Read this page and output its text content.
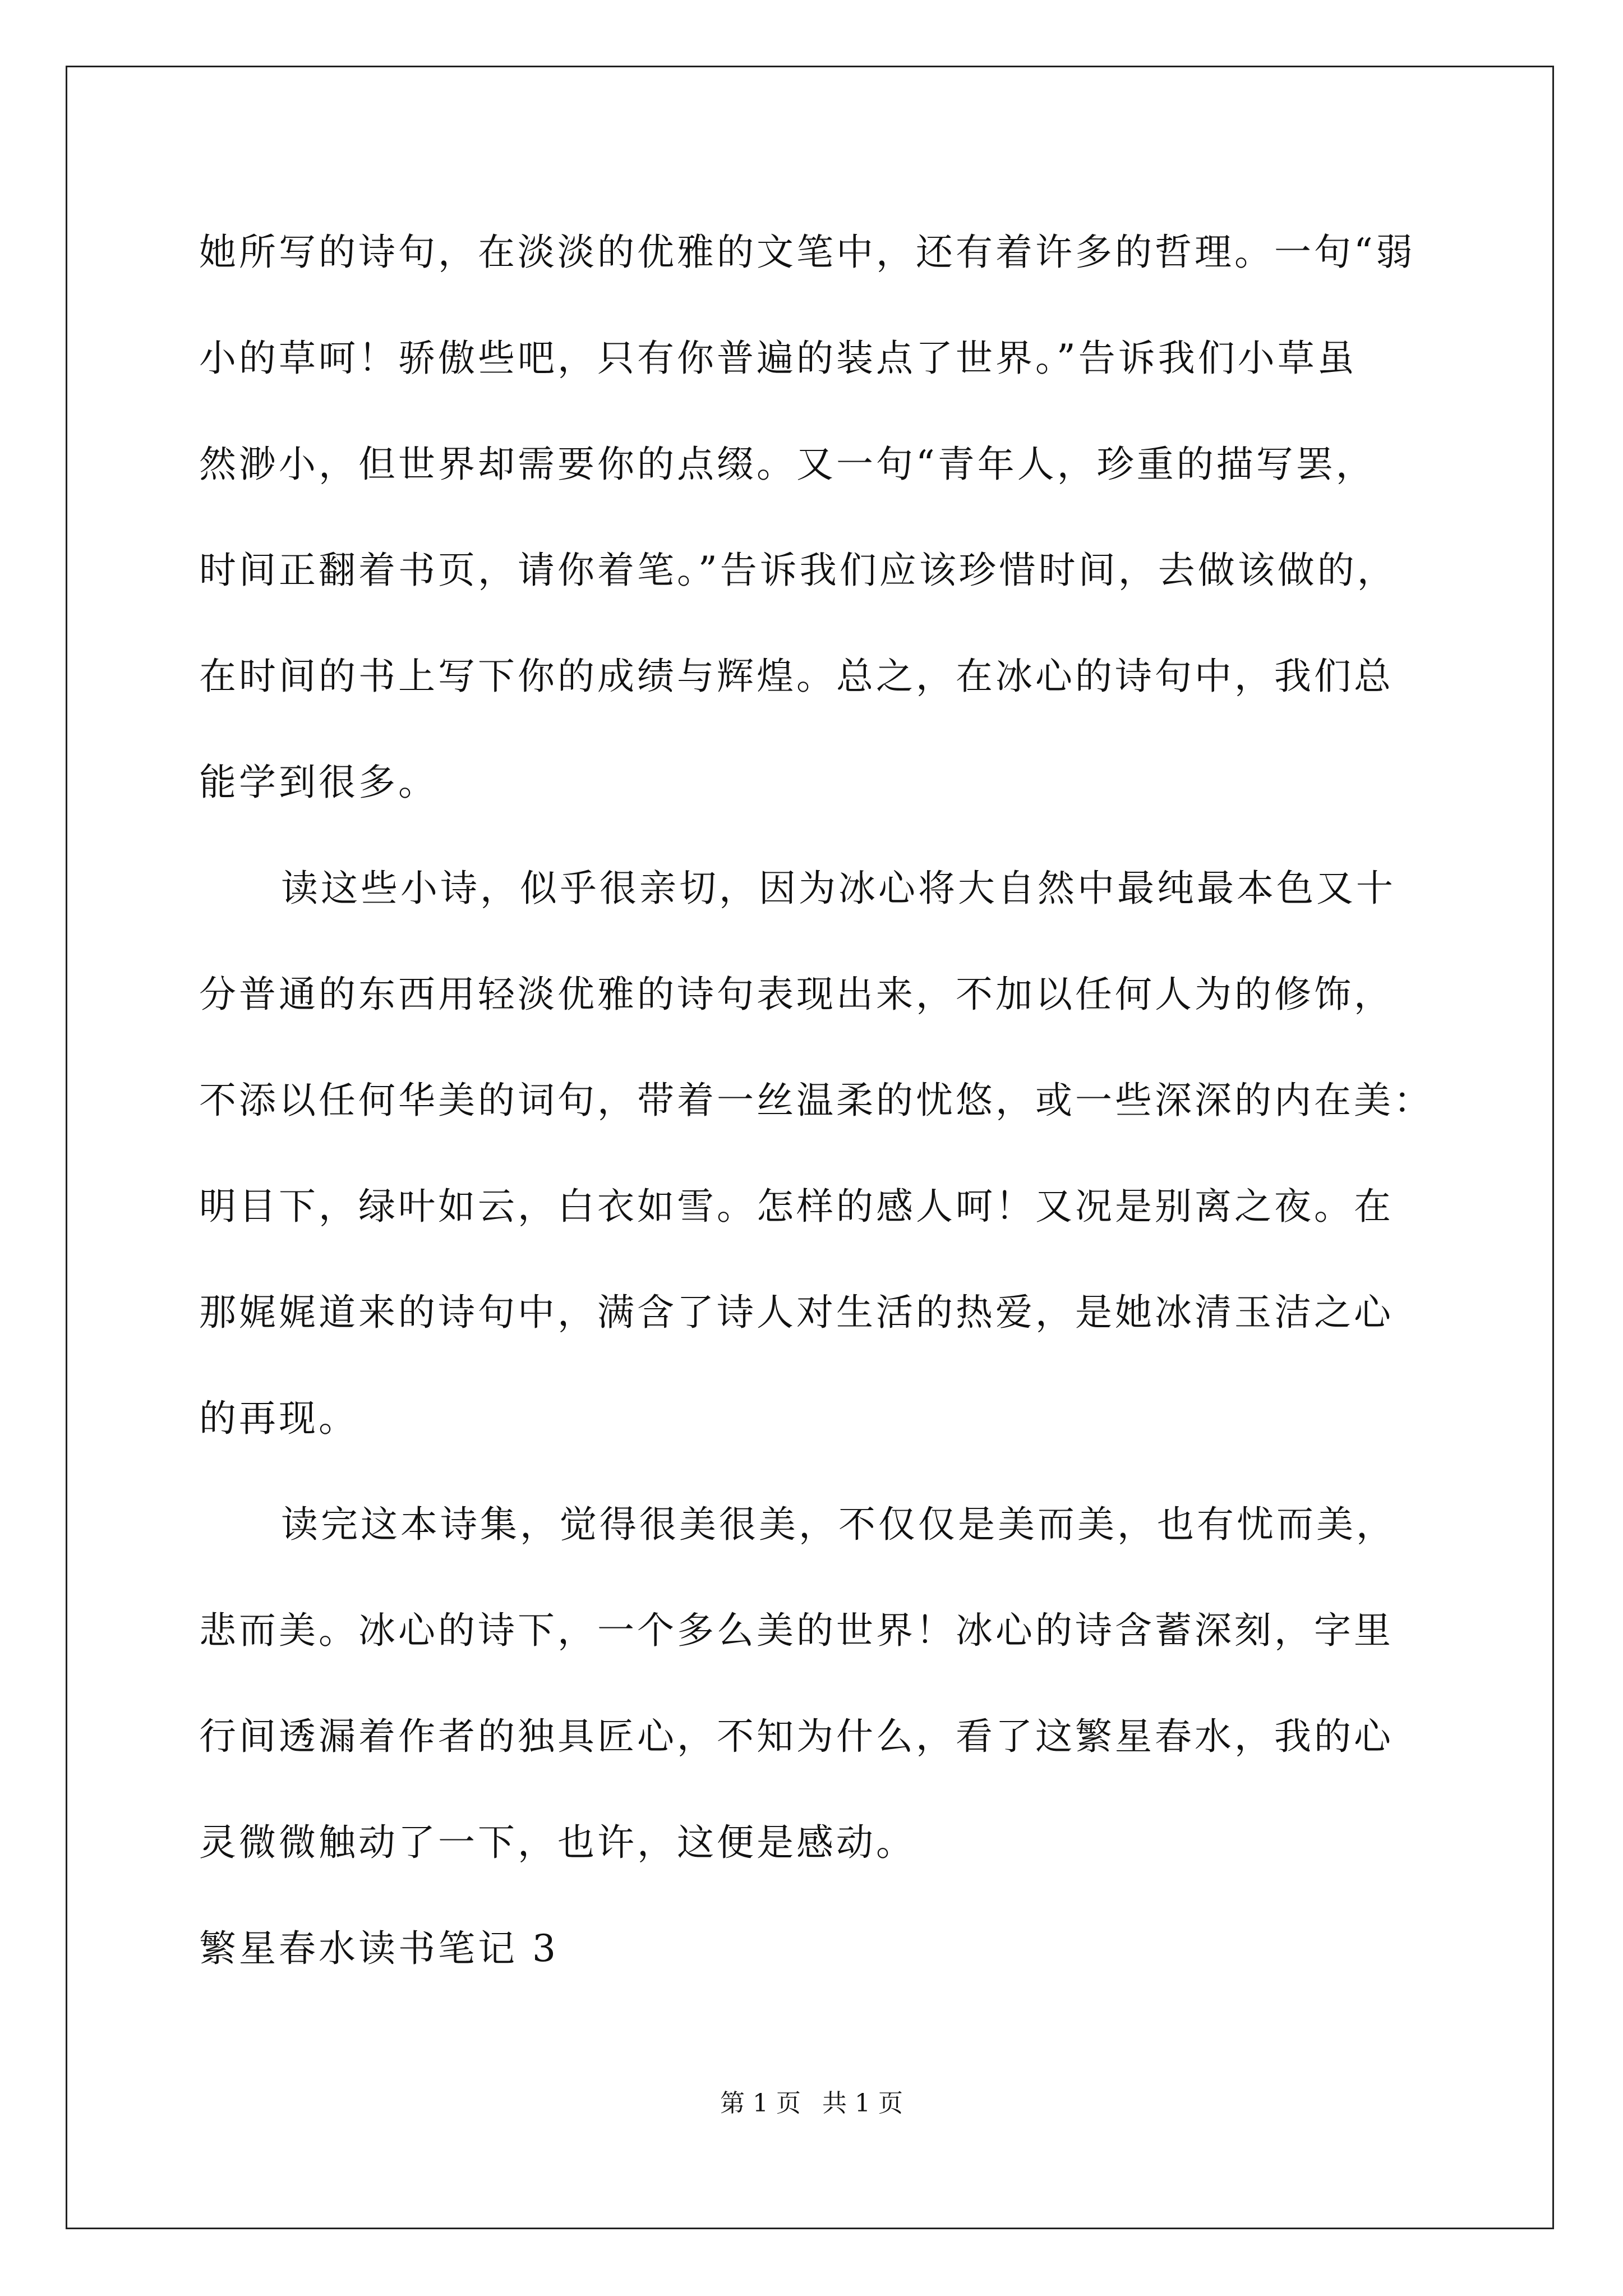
她所写的诗句，在淡淡的优雅的文笔中，还有着许多的哲理。一句“弱
小的草呵！骄傲些吧，只有你普遍的装点了世界。”告诉我们小草虽
然渺小，但世界却需要你的点缀。又一句“青年人，珍重的描写罢，
时间正翻着书页，请你着笔。”告诉我们应该珍惜时间，去做该做的，
在时间的书上写下你的成绩与辉煌。总之，在冰心的诗句中，我们总
能学到很多。
读这些小诗，似乎很亲切，因为冰心将大自然中最纯最本色又十
分普通的东西用轻淡优雅的诗句表现出来，不加以任何人为的修饰，
不添以任何华美的词句，带着一丝温柔的忧悠，或一些深深的内在美：
明目下，绿叶如云，白衣如雪。怎样的感人呵！又况是别离之夜。在
那娓娓道来的诗句中，满含了诗人对生活的热爱，是她冰清玉洁之心
的再现。
读完这本诗集，觉得很美很美，不仅仅是美而美，也有忧而美，
悲而美。冰心的诗下，一个多么美的世界！冰心的诗含蓄深刻，字里
行间透漏着作者的独具匠心，不知为什么，看了这繁星春水，我的心
灵微微触动了一下，也许，这便是感动。
繁星春水读书笔记 3
第 1 页 共 1 页
